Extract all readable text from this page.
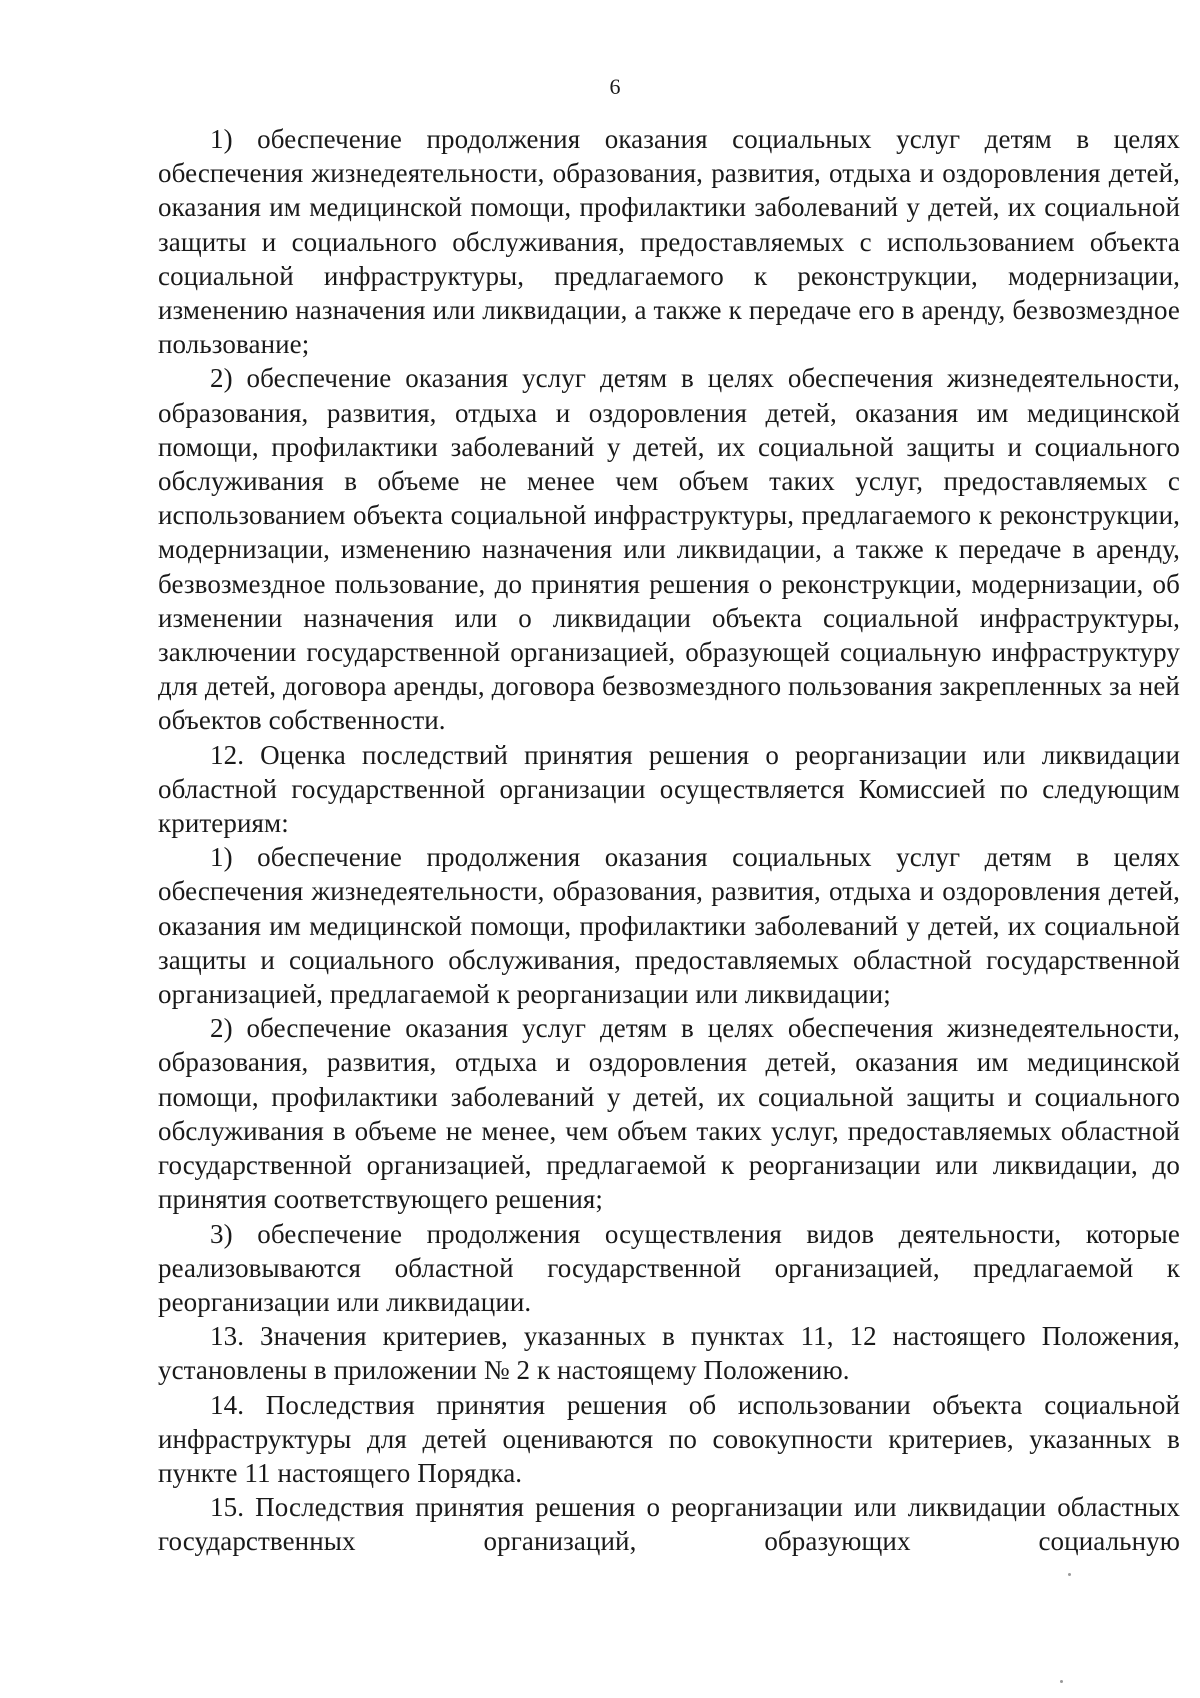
6

1) обеспечение продолжения оказания социальных услуг детям в целях обеспечения жизнедеятельности, образования, развития, отдыха и оздоровления детей, оказания им медицинской помощи, профилактики заболеваний у детей, их социальной защиты и социального обслуживания, предоставляемых с использованием объекта социальной инфраструктуры, предлагаемого к реконструкции, модернизации, изменению назначения или ликвидации, а также к передаче его в аренду, безвозмездное пользование;

2) обеспечение оказания услуг детям в целях обеспечения жизнедеятельности, образования, развития, отдыха и оздоровления детей, оказания им медицинской помощи, профилактики заболеваний у детей, их социальной защиты и социального обслуживания в объеме не менее чем объем таких услуг, предоставляемых с использованием объекта социальной инфраструктуры, предлагаемого к реконструкции, модернизации, изменению назначения или ликвидации, а также к передаче в аренду, безвозмездное пользование, до принятия решения о реконструкции, модернизации, об изменении назначения или о ликвидации объекта социальной инфраструктуры, заключении государственной организацией, образующей социальную инфраструктуру для детей, договора аренды, договора безвозмездного пользования закрепленных за ней объектов собственности.

12. Оценка последствий принятия решения о реорганизации или ликвидации областной государственной организации осуществляется Комиссией по следующим критериям:

1) обеспечение продолжения оказания социальных услуг детям в целях обеспечения жизнедеятельности, образования, развития, отдыха и оздоровления детей, оказания им медицинской помощи, профилактики заболеваний у детей, их социальной защиты и социального обслуживания, предоставляемых областной государственной организацией, предлагаемой к реорганизации или ликвидации;

2) обеспечение оказания услуг детям в целях обеспечения жизнедеятельности, образования, развития, отдыха и оздоровления детей, оказания им медицинской помощи, профилактики заболеваний у детей, их социальной защиты и социального обслуживания в объеме не менее, чем объем таких услуг, предоставляемых областной государственной организацией, предлагаемой к реорганизации или ликвидации, до принятия соответствующего решения;

3) обеспечение продолжения осуществления видов деятельности, которые реализовываются областной государственной организацией, предлагаемой к реорганизации или ликвидации.

13. Значения критериев, указанных в пунктах 11, 12 настоящего Положения, установлены в приложении № 2 к настоящему Положению.

14. Последствия принятия решения об использовании объекта социальной инфраструктуры для детей оцениваются по совокупности критериев, указанных в пункте 11 настоящего Порядка.

15. Последствия принятия решения о реорганизации или ликвидации областных государственных организаций, образующих социальную
